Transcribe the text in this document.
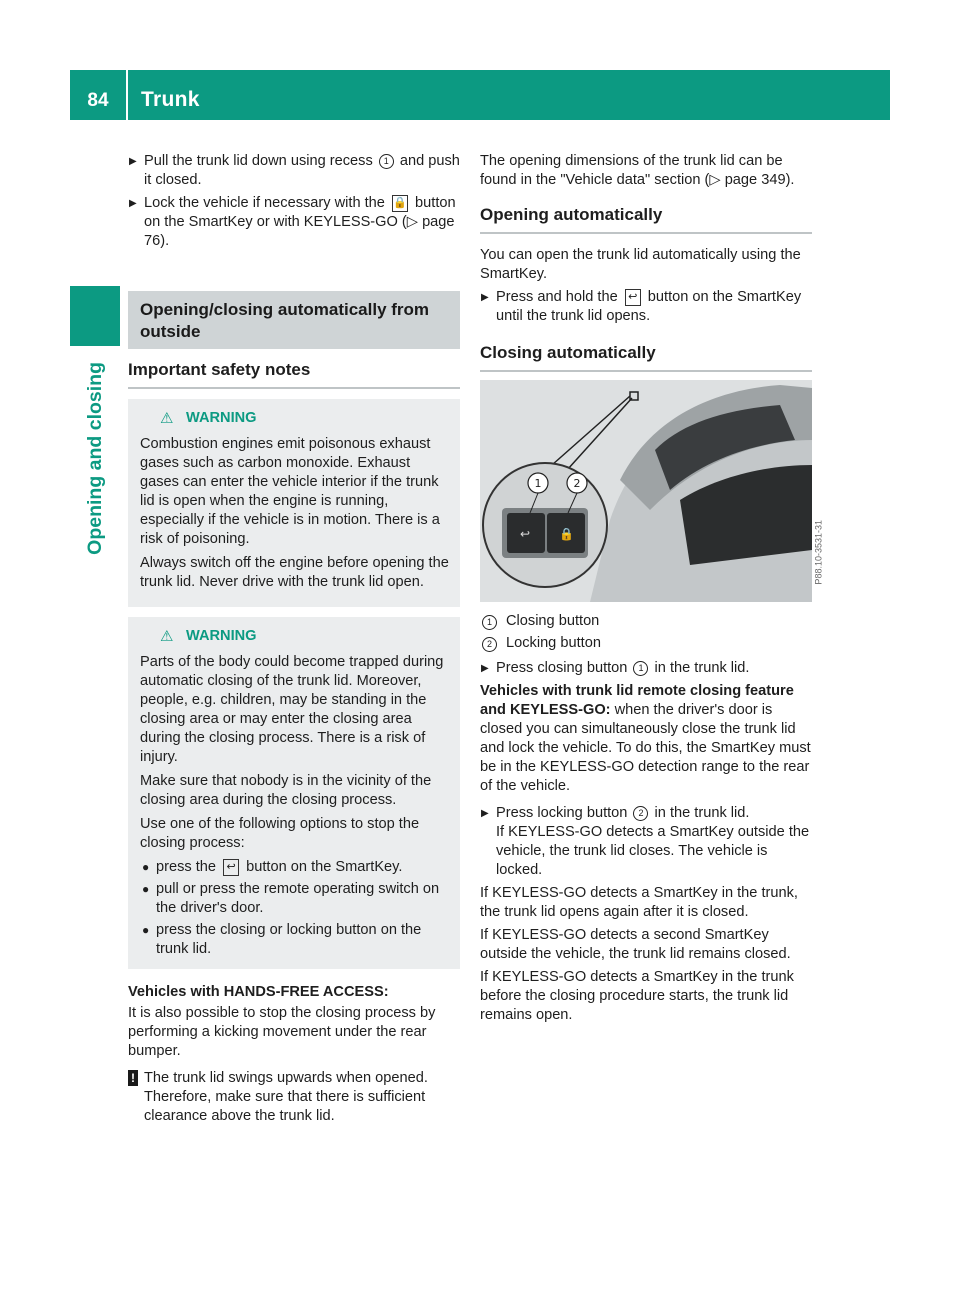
84	Trunk
Opening and closing

▶ Pull the trunk lid down using recess 1 and push it closed.

▶ Lock the vehicle if necessary with the 🔒 button on the SmartKey or with KEYLESS-GO (▷ page 76).

Opening/closing automatically from outside
Important safety notes
⚠ WARNING

Combustion engines emit poisonous exhaust gases such as carbon monoxide. Exhaust gases can enter the vehicle interior if the trunk lid is open when the engine is running, especially if the vehicle is in motion. There is a risk of poisoning.

Always switch off the engine before opening the trunk lid. Never drive with the trunk lid open.

⚠ WARNING

Parts of the body could become trapped during automatic closing of the trunk lid. Moreover, people, e.g. children, may be standing in the closing area or may enter the closing area during the closing process. There is a risk of injury.

Make sure that nobody is in the vicinity of the closing area during the closing process.

Use one of the following options to stop the closing process:

● press the ↩ button on the SmartKey.
● pull or press the remote operating switch on the driver's door.
● press the closing or locking button on the trunk lid.

Vehicles with HANDS-FREE ACCESS:

It is also possible to stop the closing process by performing a kicking movement under the rear bumper.

! The trunk lid swings upwards when opened. Therefore, make sure that there is sufficient clearance above the trunk lid.

The opening dimensions of the trunk lid can be found in the "Vehicle data" section (▷ page 349).

Opening automatically

You can open the trunk lid automatically using the SmartKey.

▶ Press and hold the ↩ button on the SmartKey until the trunk lid opens.

Closing automatically
↩ 🔒
1	2
P88.10-3531-31
1 Closing button
2 Locking button

▶ Press closing button 1 in the trunk lid.

Vehicles with trunk lid remote closing feature and KEYLESS-GO: when the driver's door is closed you can simultaneously close the trunk lid and lock the vehicle. To do this, the SmartKey must be in the KEYLESS-GO detection range to the rear of the vehicle.

▶ Press locking button 2 in the trunk lid.
If KEYLESS-GO detects a SmartKey outside the vehicle, the trunk lid closes. The vehicle is locked.

If KEYLESS-GO detects a SmartKey in the trunk, the trunk lid opens again after it is closed.

If KEYLESS-GO detects a second SmartKey outside the vehicle, the trunk lid remains closed.

If KEYLESS-GO detects a SmartKey in the trunk before the closing procedure starts, the trunk lid remains open.
